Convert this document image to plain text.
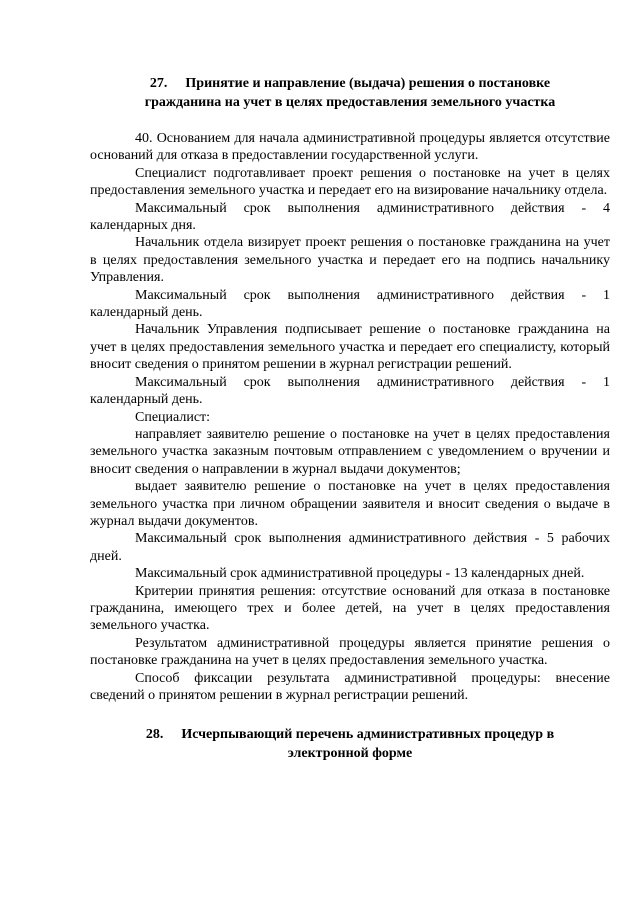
27. Принятие и направление (выдача) решения о постановке
гражданина на учет в целях предоставления земельного участка

40. Основанием для начала административной процедуры является отсутствие оснований для отказа в предоставлении государственной услуги.

Специалист подготавливает проект решения о постановке на учет в целях предоставления земельного участка и передает его на визирование начальнику отдела.

Максимальный срок выполнения административного действия - 4 календарных дня.

Начальник отдела визирует проект решения о постановке гражданина на учет в целях предоставления земельного участка и передает его на подпись начальнику Управления.

Максимальный срок выполнения административного действия - 1 календарный день.

Начальник Управления подписывает решение о постановке гражданина на учет в целях предоставления земельного участка и передает его специалисту, который вносит сведения о принятом решении в журнал регистрации решений.

Максимальный срок выполнения административного действия - 1 календарный день.

Специалист:

направляет заявителю решение о постановке на учет в целях предоставления земельного участка заказным почтовым отправлением с уведомлением о вручении и вносит сведения о направлении в журнал выдачи документов;

выдает заявителю решение о постановке на учет в целях предоставления земельного участка при личном обращении заявителя и вносит сведения о выдаче в журнал выдачи документов.

Максимальный срок выполнения административного действия - 5 рабочих дней.

Максимальный срок административной процедуры - 13 календарных дней.

Критерии принятия решения: отсутствие оснований для отказа в постановке гражданина, имеющего трех и более детей, на учет в целях предоставления земельного участка.

Результатом административной процедуры является принятие решения о постановке гражданина на учет в целях предоставления земельного участка.

Способ фиксации результата административной процедуры: внесение сведений о принятом решении в журнал регистрации решений.

28. Исчерпывающий перечень административных процедур в
электронной форме
